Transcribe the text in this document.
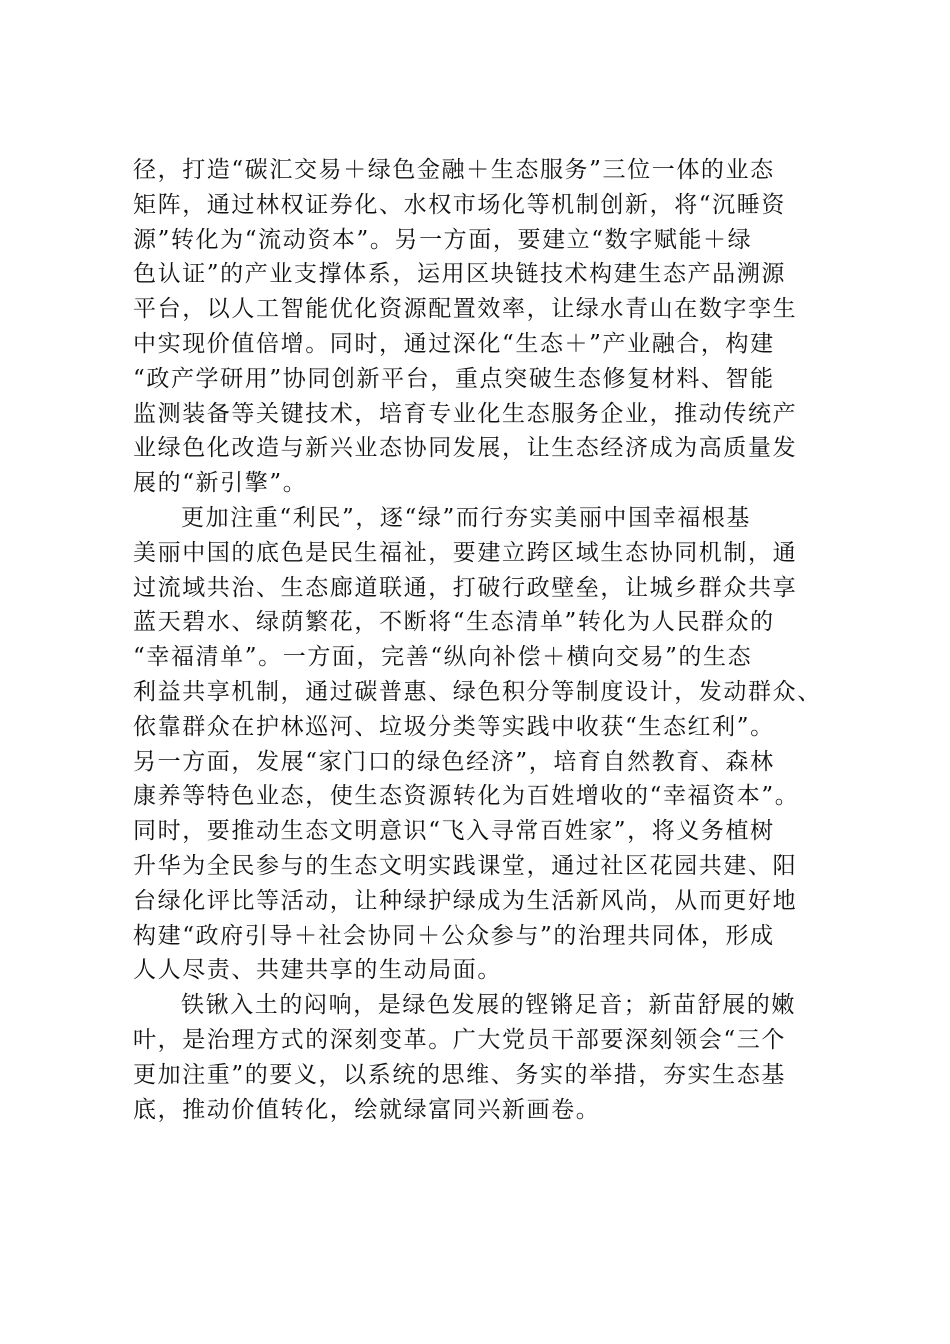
径，打造“碳汇交易＋绿色金融＋生态服务”三位一体的业态
矩阵，通过林权证券化、水权市场化等机制创新，将“沉睡资
源”转化为“流动资本”。另一方面，要建立“数字赋能＋绿
色认证”的产业支撑体系，运用区块链技术构建生态产品溯源
平台，以人工智能优化资源配置效率，让绿水青山在数字孪生
中实现价值倍增。同时，通过深化“生态＋”产业融合，构建
“政产学研用”协同创新平台，重点突破生态修复材料、智能
监测装备等关键技术，培育专业化生态服务企业，推动传统产
业绿色化改造与新兴业态协同发展，让生态经济成为高质量发
展的“新引擎”。
更加注重“利民”，逐“绿”而行夯实美丽中国幸福根基
美丽中国的底色是民生福祉，要建立跨区域生态协同机制，通
过流域共治、生态廊道联通，打破行政壁垒，让城乡群众共享
蓝天碧水、绿荫繁花，不断将“生态清单”转化为人民群众的
“幸福清单”。一方面，完善“纵向补偿＋横向交易”的生态
利益共享机制，通过碳普惠、绿色积分等制度设计，发动群众、
依靠群众在护林巡河、垃圾分类等实践中收获“生态红利”。
另一方面，发展“家门口的绿色经济”，培育自然教育、森林
康养等特色业态，使生态资源转化为百姓增收的“幸福资本”。
同时，要推动生态文明意识“飞入寻常百姓家”，将义务植树
升华为全民参与的生态文明实践课堂，通过社区花园共建、阳
台绿化评比等活动，让种绿护绿成为生活新风尚，从而更好地
构建“政府引导＋社会协同＋公众参与”的治理共同体，形成
人人尽责、共建共享的生动局面。
铁锹入土的闷响，是绿色发展的铿锵足音；新苗舒展的嫩
叶，是治理方式的深刻变革。广大党员干部要深刻领会“三个
更加注重”的要义，以系统的思维、务实的举措，夯实生态基
底，推动价值转化，绘就绿富同兴新画卷。
